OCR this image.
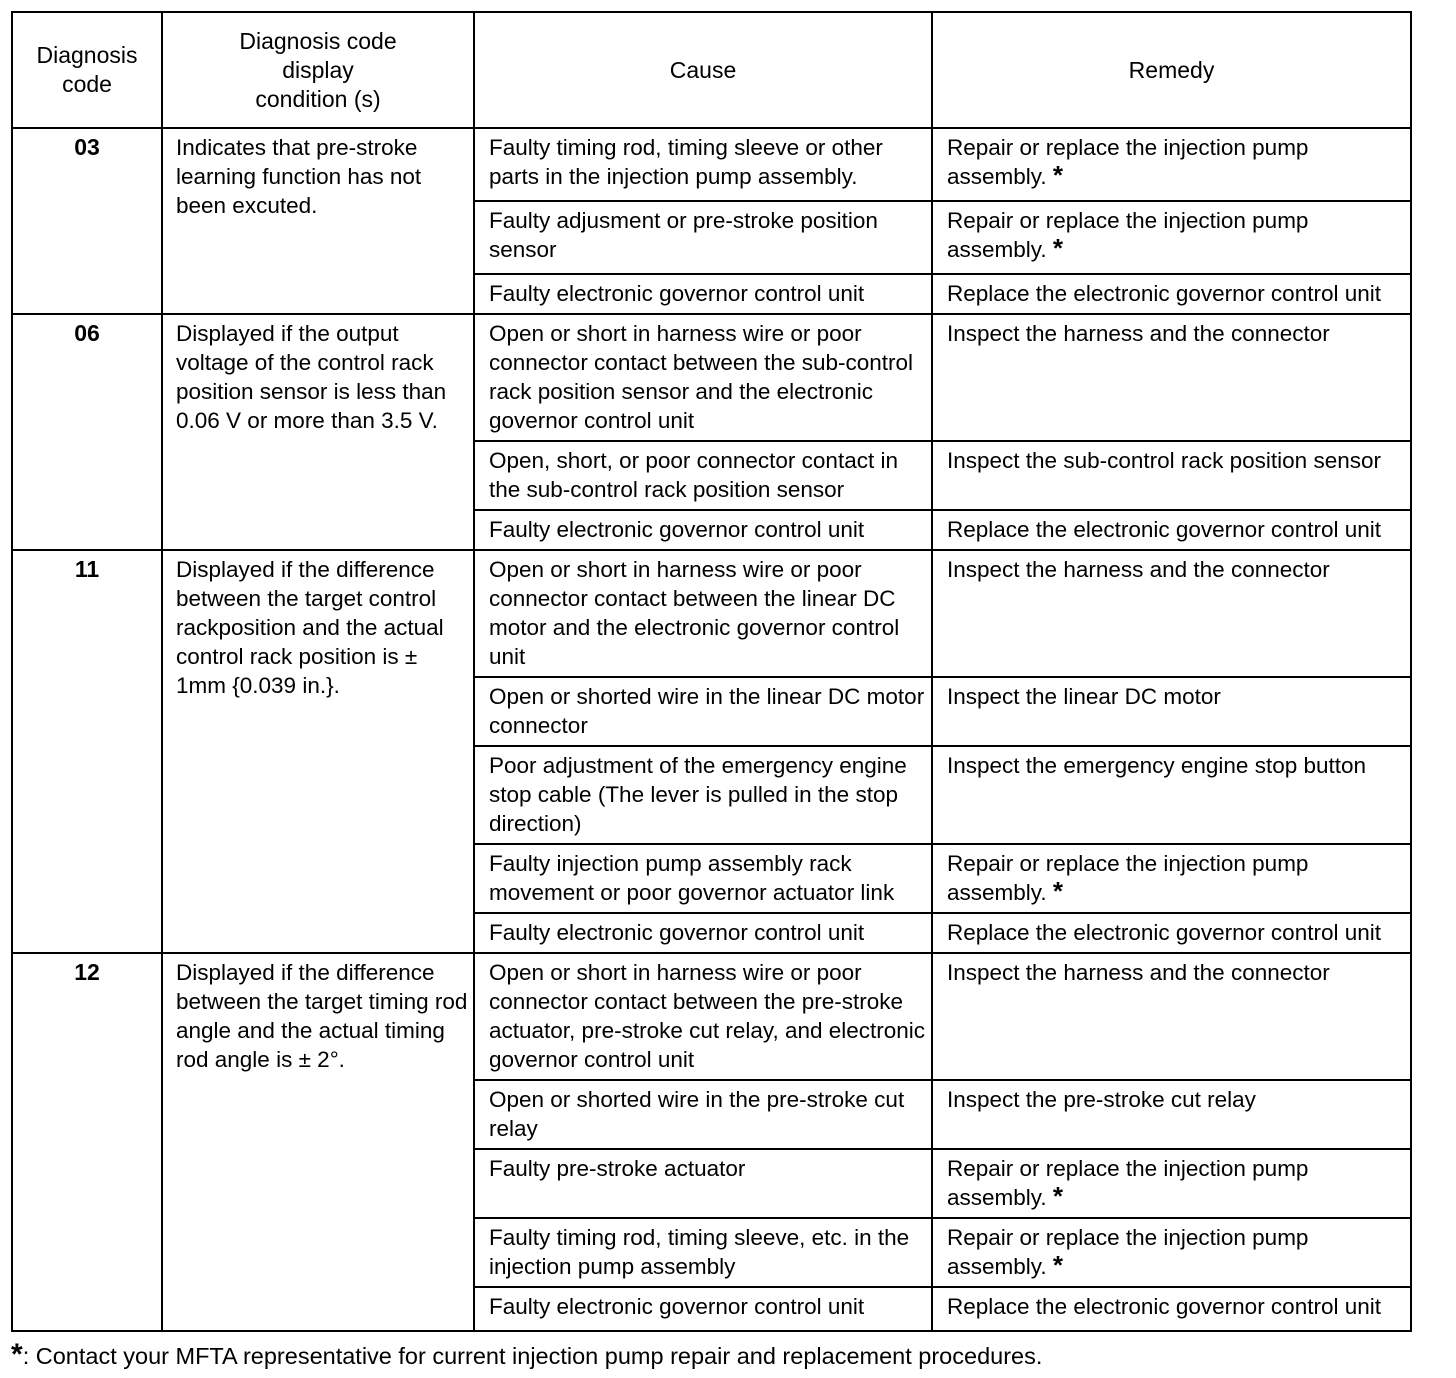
Diagnosis code	Diagnosis code display condition (s)	Cause	Remedy
03	Indicates that pre-stroke learning function has not been excuted.	Faulty timing rod, timing sleeve or other parts in the injection pump assembly.	Repair or replace the injection pump assembly. *
		Faulty adjusment or pre-stroke position sensor	Repair or replace the injection pump assembly. *
		Faulty electronic governor control unit	Replace the electronic governor control unit
06	Displayed if the output voltage of the control rack position sensor is less than 0.06 V or more than 3.5 V.	Open or short in harness wire or poor connector contact between the sub-control rack position sensor and the electronic governor control unit	Inspect the harness and the connector
		Open, short, or poor connector contact in the sub-control rack position sensor	Inspect the sub-control rack position sensor
		Faulty electronic governor control unit	Replace the electronic governor control unit
11	Displayed if the difference between the target control rackposition and the actual control rack position is ± 1mm {0.039 in.}.	Open or short in harness wire or poor connector contact between the linear DC motor and the electronic governor control unit	Inspect the harness and the connector
		Open or shorted wire in the linear DC motor connector	Inspect the linear DC motor
		Poor adjustment of the emergency engine stop cable (The lever is pulled in the stop direction)	Inspect the emergency engine stop button
		Faulty injection pump assembly rack movement or poor governor actuator link	Repair or replace the injection pump assembly. *
		Faulty electronic governor control unit	Replace the electronic governor control unit
12	Displayed if the difference between the target timing rod angle and the actual timing rod angle is ± 2°.	Open or short in harness wire or poor connector contact between the pre-stroke actuator, pre-stroke cut relay, and electronic governor control unit	Inspect the harness and the connector
		Open or shorted wire in the pre-stroke cut relay	Inspect the pre-stroke cut relay
		Faulty pre-stroke actuator	Repair or replace the injection pump assembly. *
		Faulty timing rod, timing sleeve, etc. in the injection pump assembly	Repair or replace the injection pump assembly. *
		Faulty electronic governor control unit	Replace the electronic governor control unit
*: Contact your MFTA representative for current injection pump repair and replacement procedures.
